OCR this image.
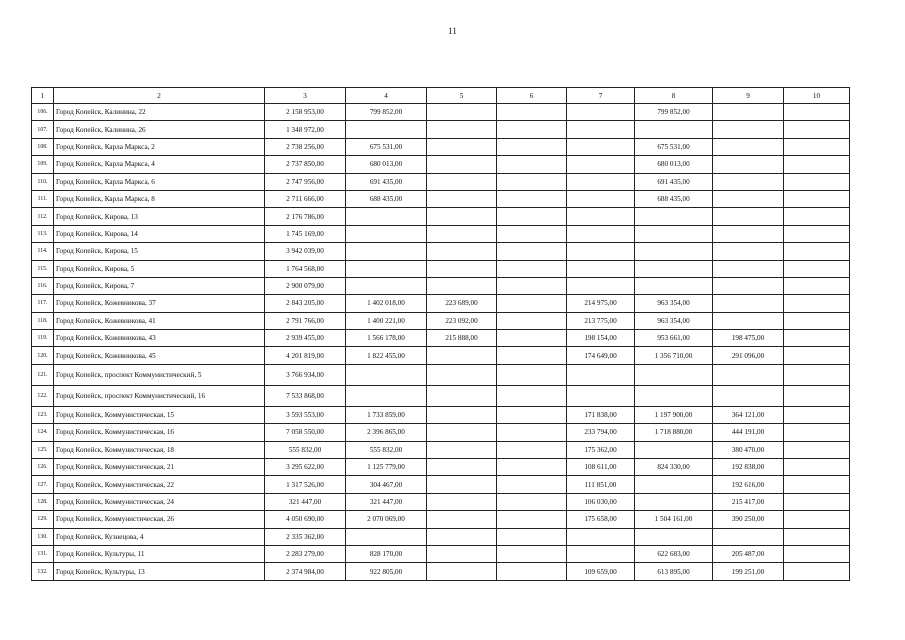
11
1	2	3	4	5	6	7	8	9	10
106.	Город Копейск, Калинина, 22	2 158 953,00	799 852,00				799 852,00		
107.	Город Копейск, Калинина, 26	1 348 972,00							
108.	Город Копейск, Карла Маркса, 2	2 738 256,00	675 531,00				675 531,00		
109.	Город Копейск, Карла Маркса, 4	2 737 850,00	680 013,00				680 013,00		
110.	Город Копейск, Карла Маркса, 6	2 747 956,00	691 435,00				691 435,00		
111.	Город Копейск, Карла Маркса, 8	2 711 666,00	688 435,00				688 435,00		
112.	Город Копейск, Кирова, 13	2 176 786,00							
113.	Город Копейск, Кирова, 14	1 745 169,00							
114.	Город Копейск, Кирова, 15	3 942 039,00							
115.	Город Копейск, Кирова, 5	1 764 568,00							
116.	Город Копейск, Кирова, 7	2 900 079,00							
117.	Город Копейск, Кожевникова, 37	2 843 205,00	1 402 018,00	223 689,00		214 975,00	963 354,00		
118.	Город Копейск, Кожевникова, 41	2 791 766,00	1 400 221,00	223 092,00		213 775,00	963 354,00		
119.	Город Копейск, Кожевникова, 43	2 939 455,00	1 566 178,00	215 888,00		198 154,00	953 661,00	198 475,00	
120.	Город Копейск, Кожевникова, 45	4 201 819,00	1 822 455,00			174 649,00	1 356 710,00	291 096,00	
121.	Город Копейск, проспект Коммунистический, 5	3 766 934,00							
122.	Город Копейск, проспект Коммунистический, 16	7 533 868,00							
123.	Город Копейск, Коммунистическая, 15	3 593 553,00	1 733 859,00			171 838,00	1 197 900,00	364 121,00	
124.	Город Копейск, Коммунистическая, 16	7 058 550,00	2 396 865,00			233 794,00	1 718 880,00	444 191,00	
125.	Город Копейск, Коммунистическая, 18	555 832,00	555 832,00			175 362,00		380 470,00	
126.	Город Копейск, Коммунистическая, 21	3 295 622,00	1 125 779,00			108 611,00	824 330,00	192 838,00	
127.	Город Копейск, Коммунистическая, 22	1 317 526,00	304 467,00			111 851,00		192 616,00	
128.	Город Копейск, Коммунистическая, 24	321 447,00	321 447,00			106 030,00		215 417,00	
129.	Город Копейск, Коммунистическая, 26	4 050 690,00	2 070 069,00			175 658,00	1 504 161,00	390 250,00	
130.	Город Копейск, Кузнецова, 4	2 335 362,00							
131.	Город Копейск, Культуры, 11	2 283 279,00	828 170,00				622 683,00	205 487,00	
132.	Город Копейск, Культуры, 13	2 374 984,00	922 805,00			109 659,00	613 895,00	199 251,00	
